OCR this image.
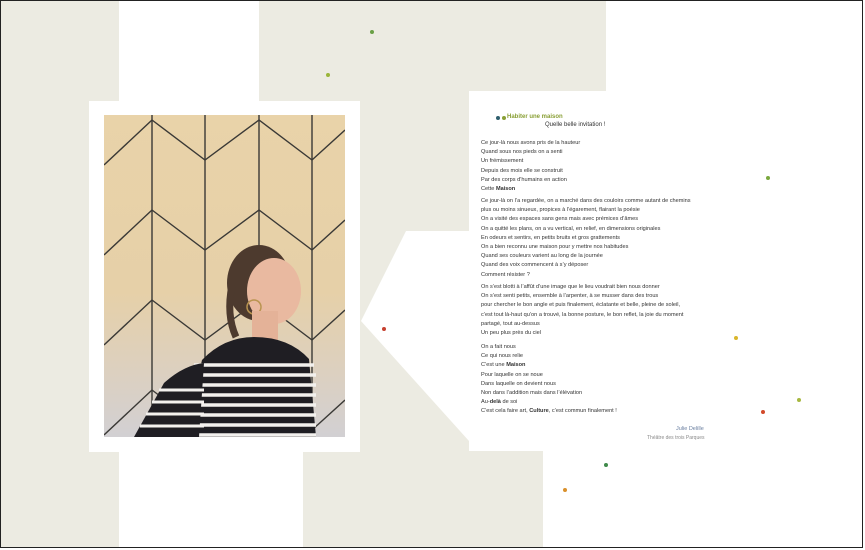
Habiter une maison
Quelle belle invitation !
Ce jour-là nous avons pris de la hauteur
Quand sous nos pieds on a senti
Un frémissement
Depuis des mois elle se construit
Par des corps d’humains en action
Cette Maison
Ce jour-là on l’a regardée, on a marché dans des couloirs comme autant de chemins
plus ou moins sinueux, propices à l’égarement, flairant la poésie
On a visité des espaces sans gens mais avec prémices d’âmes
On a quitté les plans, on a vu vertical, en relief, en dimensions originales
En odeurs et sentirs, en petits bruits et gros grattements
On a bien reconnu une maison pour y mettre nos habitudes
Quand ses couleurs varient au long de la journée
Quand des voix commencent à s’y déposer
Comment résister ?
On s’est blotti à l’affût d’une image que le lieu voudrait bien nous donner
On s’est senti petits, ensemble à l’arpenter, à se musser dans des trous
pour chercher le bon angle et puis finalement, éclatante et belle, pleine de soleil,
c’est tout là-haut qu’on a trouvé, la bonne posture, le bon reflet, la joie du moment
partagé, tout au-dessus
Un peu plus près du ciel
On a fait nous
Ce qui nous relie
C’est une Maison
Pour laquelle on se noue
Dans laquelle on devient nous
Non dans l’addition mais dans l’élévation
Au-delà de soi
C’est cela faire art, Culture, c’est commun finalement !
Julie Delille
Théâtre des trois Parques
